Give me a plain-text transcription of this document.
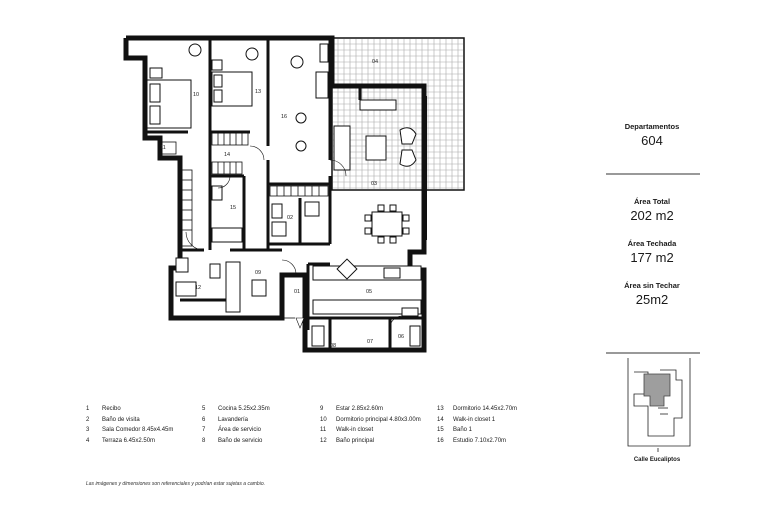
01
02
03
04
05
06
07
08
09
10
11
12
13
14
15
16
Departamentos
604
Área Total
202 m2
Área Techada
177 m2
Área sin Techar
25m2
Calle Eucaliptos
1 Recibo
2 Baño de visita
3 Sala Comedor 8.45x4.45m
4 Terraza 6.45x2.50m
5 Cocina 5.25x2.35m
6 Lavandería
7 Área de servicio
8 Baño de servicio
9 Estar 2.85x2.60m
10 Dormitorio principal 4.80x3.00m
11 Walk-in closet
12 Baño principal
13 Dormitorio 14.45x2.70m
14 Walk-in closet 1
15 Baño 1
16 Estudio 7.10x2.70m
Las imágenes y dimensiones son referenciales y podrían estar sujetas a cambio.
